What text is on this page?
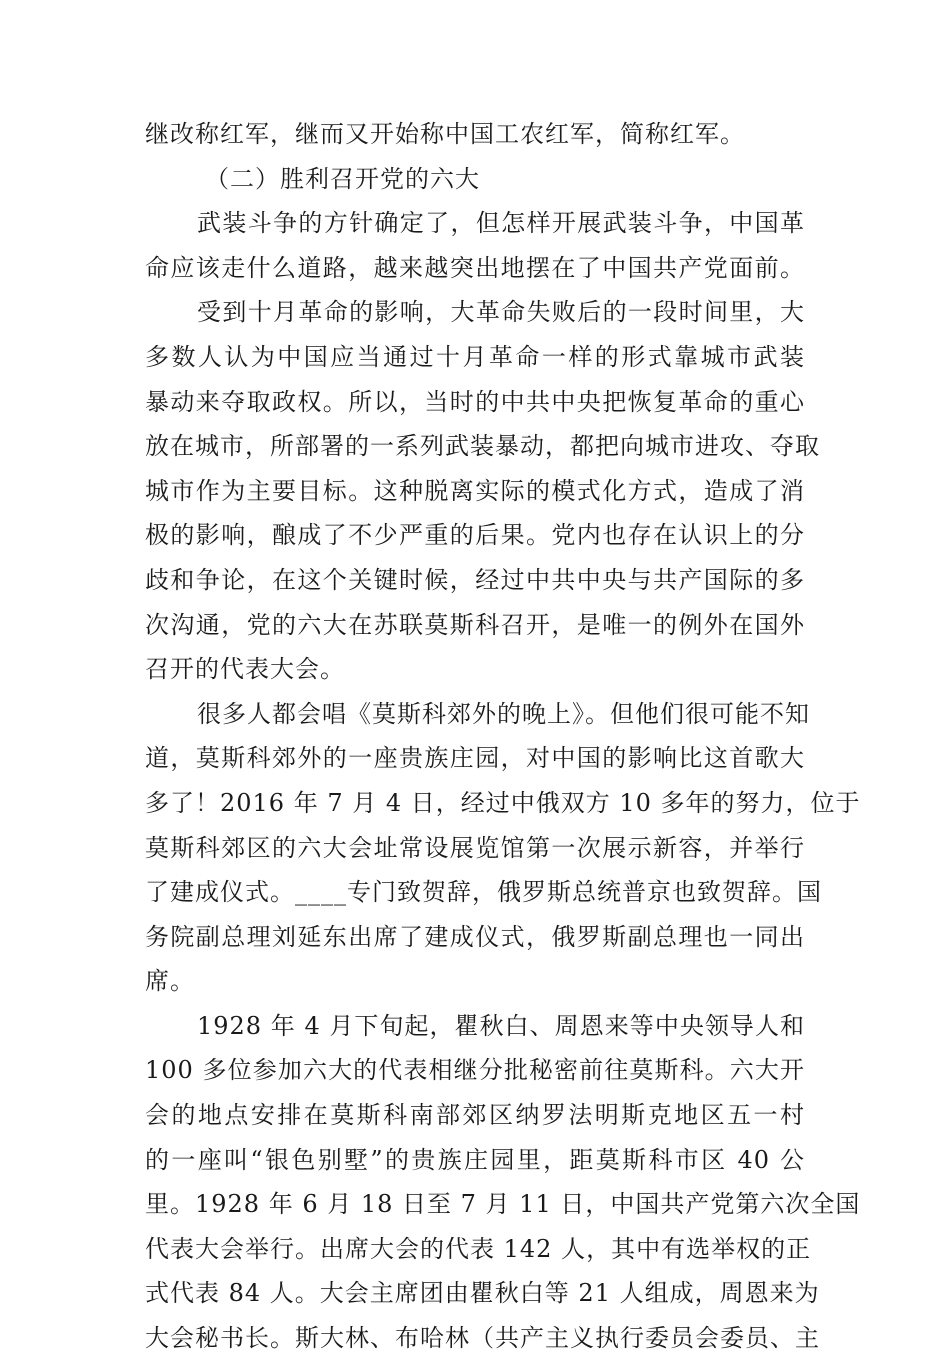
继改称红军，继而又开始称中国工农红军，简称红军。
（二）胜利召开党的六大
武装斗争的方针确定了，但怎样开展武装斗争，中国革
命应该走什么道路，越来越突出地摆在了中国共产党面前。
受到十月革命的影响，大革命失败后的一段时间里，大
多数人认为中国应当通过十月革命一样的形式靠城市武装
暴动来夺取政权。所以，当时的中共中央把恢复革命的重心
放在城市，所部署的一系列武装暴动，都把向城市进攻、夺取
城市作为主要目标。这种脱离实际的模式化方式，造成了消
极的影响，酿成了不少严重的后果。党内也存在认识上的分
歧和争论，在这个关键时候，经过中共中央与共产国际的多
次沟通，党的六大在苏联莫斯科召开，是唯一的例外在国外
召开的代表大会。
很多人都会唱《莫斯科郊外的晚上》。但他们很可能不知
道，莫斯科郊外的一座贵族庄园，对中国的影响比这首歌大
多了！2016 年 7 月 4 日，经过中俄双方 10 多年的努力，位于
莫斯科郊区的六大会址常设展览馆第一次展示新容，并举行
了建成仪式。____专门致贺辞，俄罗斯总统普京也致贺辞。国
务院副总理刘延东出席了建成仪式，俄罗斯副总理也一同出
席。
1928 年 4 月下旬起，瞿秋白、周恩来等中央领导人和
100 多位参加六大的代表相继分批秘密前往莫斯科。六大开
会的地点安排在莫斯科南部郊区纳罗法明斯克地区五一村
的一座叫“银色别墅”的贵族庄园里，距莫斯科市区 40 公
里。1928 年 6 月 18 日至 7 月 11 日，中国共产党第六次全国
代表大会举行。出席大会的代表 142 人，其中有选举权的正
式代表 84 人。大会主席团由瞿秋白等 21 人组成，周恩来为
大会秘书长。斯大林、布哈林（共产主义执行委员会委员、主
